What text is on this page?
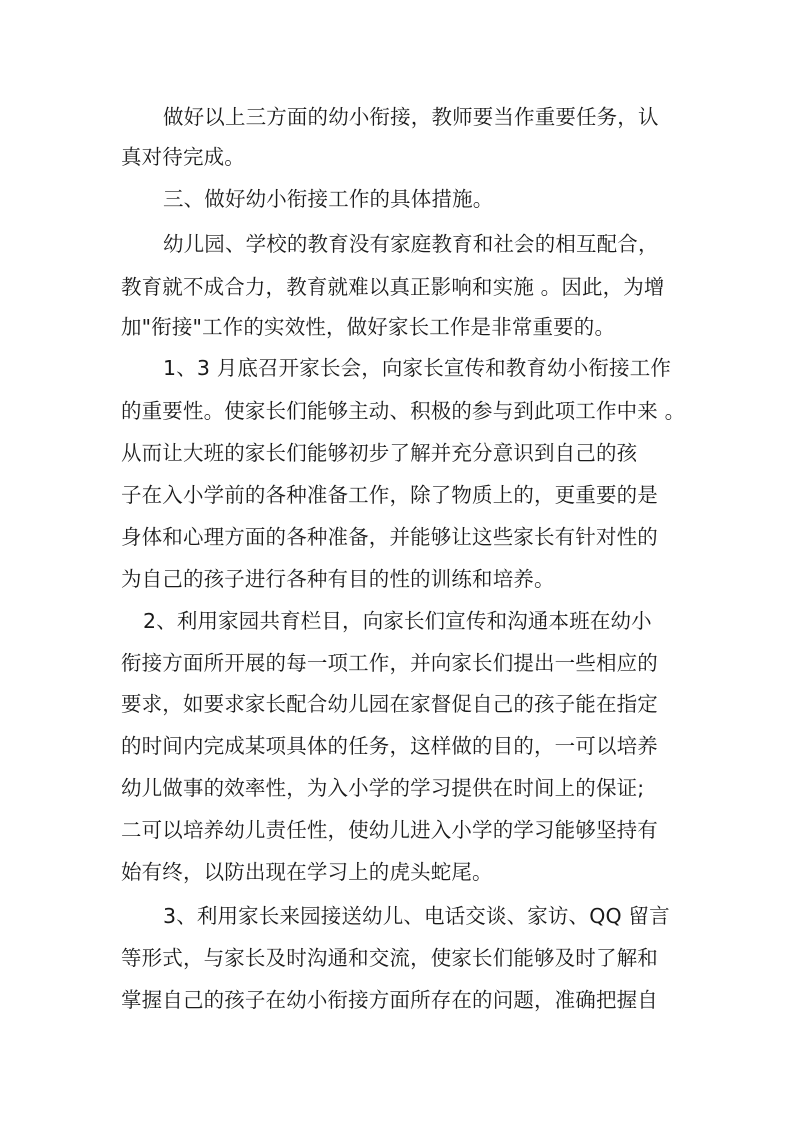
做好以上三方面的幼小衔接，教师要当作重要任务，认
真对待完成。
三、做好幼小衔接工作的具体措施。
幼儿园、学校的教育没有家庭教育和社会的相互配合，
教育就不成合力，教育就难以真正影响和实施 。因此，为增
加"衔接"工作的实效性，做好家长工作是非常重要的。
1、3 月底召开家长会，向家长宣传和教育幼小衔接工作
的重要性。使家长们能够主动、积极的参与到此项工作中来 。
从而让大班的家长们能够初步了解并充分意识到自己的孩
子在入小学前的各种准备工作，除了物质上的，更重要的是
身体和心理方面的各种准备，并能够让这些家长有针对性的
为自己的孩子进行各种有目的性的训练和培养。
2、利用家园共育栏目，向家长们宣传和沟通本班在幼小
衔接方面所开展的每一项工作，并向家长们提出一些相应的
要求，如要求家长配合幼儿园在家督促自己的孩子能在指定
的时间内完成某项具体的任务，这样做的目的，一可以培养
幼儿做事的效率性，为入小学的学习提供在时间上的保证;
二可以培养幼儿责任性，使幼儿进入小学的学习能够坚持有
始有终，以防出现在学习上的虎头蛇尾。
3、利用家长来园接送幼儿、电话交谈、家访、QQ 留言
等形式，与家长及时沟通和交流，使家长们能够及时了解和
掌握自己的孩子在幼小衔接方面所存在的问题，准确把握自
